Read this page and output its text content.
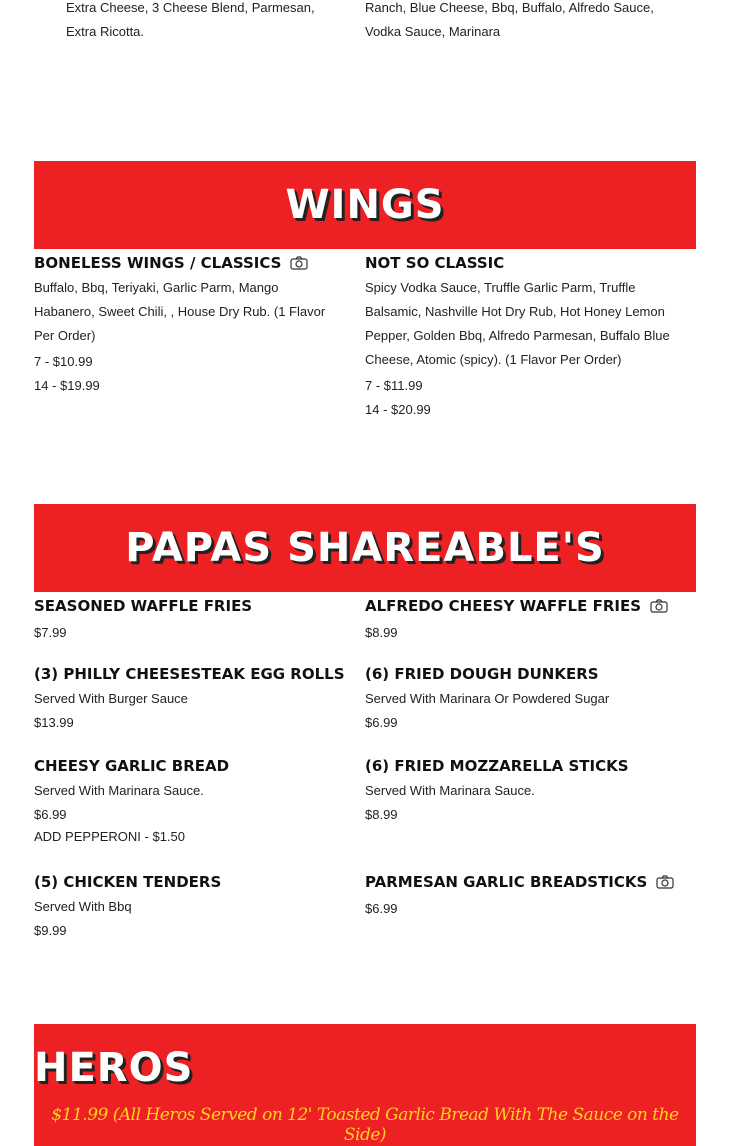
Extra Cheese, 3 Cheese Blend, Parmesan, Extra Ricotta.
Ranch, Blue Cheese, Bbq, Buffalo, Alfredo Sauce, Vodka Sauce, Marinara
WINGS
BONELESS WINGS / CLASSICS
Buffalo, Bbq, Teriyaki, Garlic Parm, Mango Habanero, Sweet Chili, , House Dry Rub. (1 Flavor Per Order)
7 - $10.99
14 - $19.99
NOT SO CLASSIC
Spicy Vodka Sauce, Truffle Garlic Parm, Truffle Balsamic, Nashville Hot Dry Rub, Hot Honey Lemon Pepper, Golden Bbq, Alfredo Parmesan, Buffalo Blue Cheese, Atomic (spicy). (1 Flavor Per Order)
7 - $11.99
14 - $20.99
PAPAS SHAREABLE'S
SEASONED WAFFLE FRIES
$7.99
ALFREDO CHEESY WAFFLE FRIES
$8.99
(3) PHILLY CHEESESTEAK EGG ROLLS
Served With Burger Sauce
$13.99
(6) FRIED DOUGH DUNKERS
Served With Marinara Or Powdered Sugar
$6.99
CHEESY GARLIC BREAD
Served With Marinara Sauce.
$6.99
ADD PEPPERONI - $1.50
(6) FRIED MOZZARELLA STICKS
Served With Marinara Sauce.
$8.99
(5) CHICKEN TENDERS
Served With Bbq
$9.99
PARMESAN GARLIC BREADSTICKS
$6.99
HEROS
$11.99 (All Heros Served on 12' Toasted Garlic Bread With The Sauce on the Side)
